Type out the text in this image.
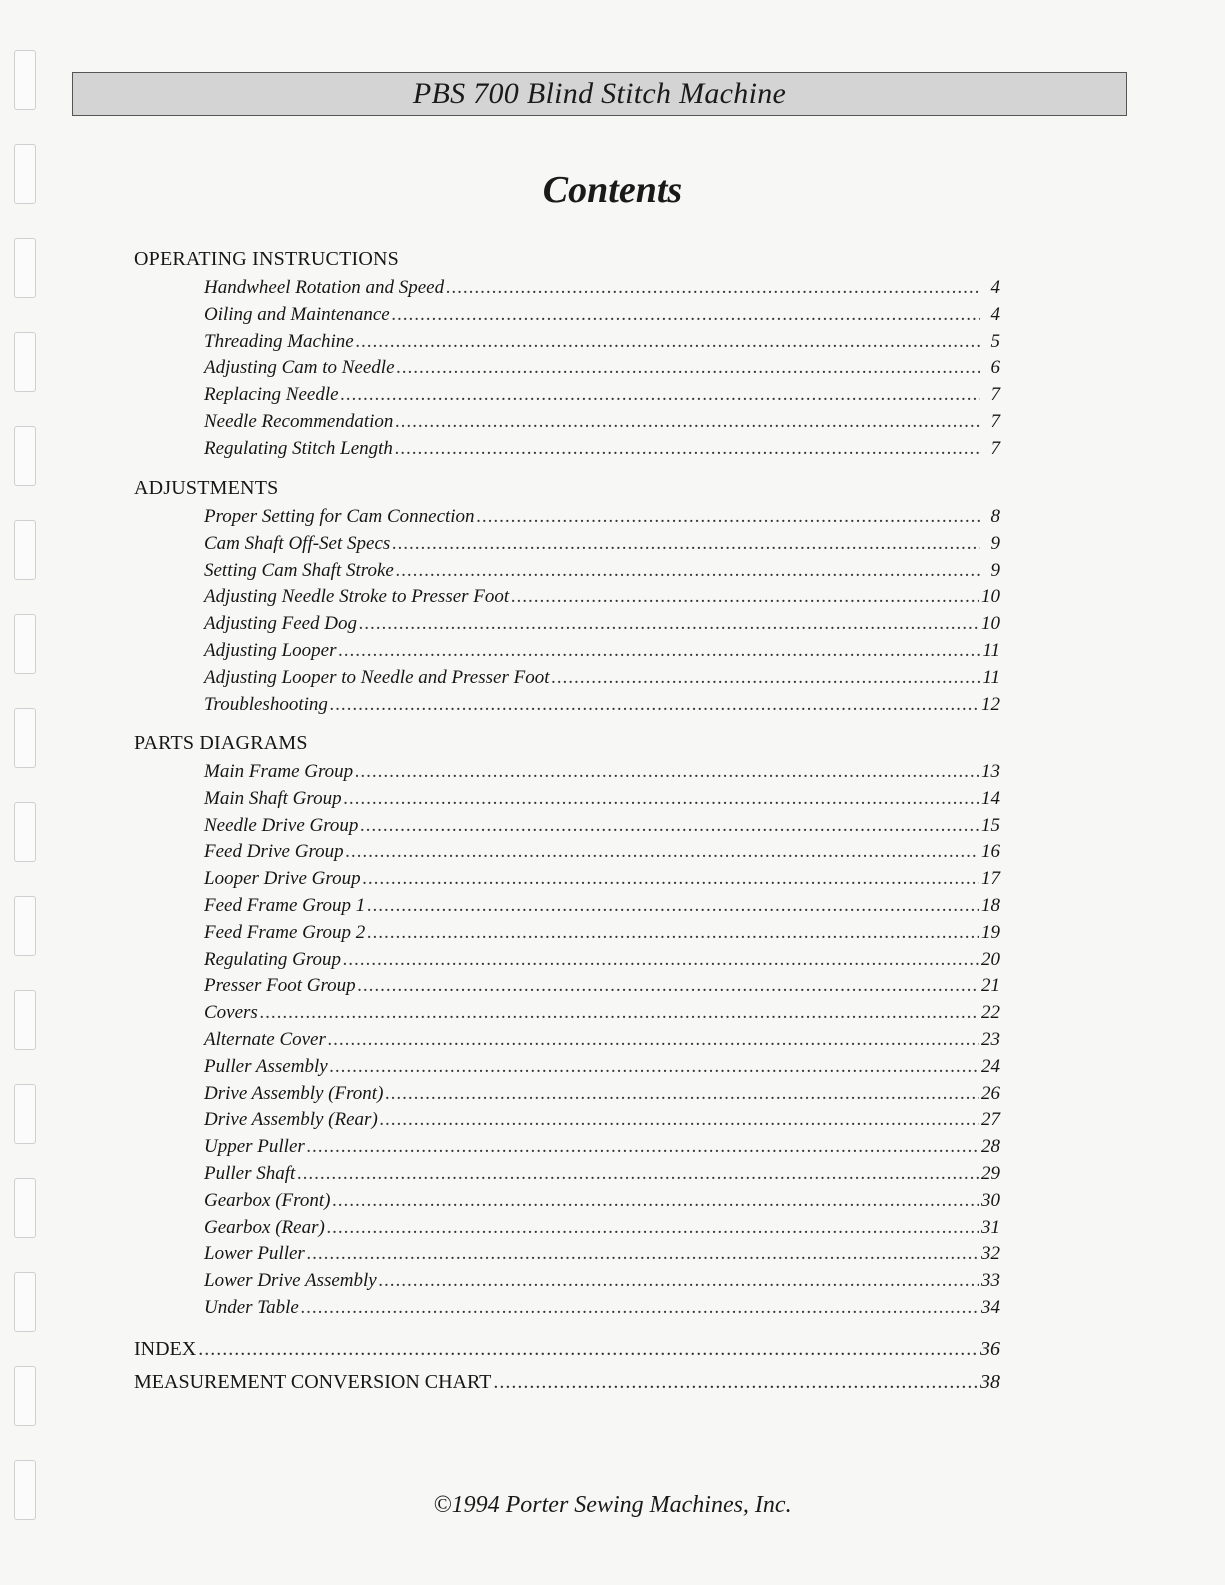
PBS 700 Blind Stitch Machine
Contents
OPERATING INSTRUCTIONS
Handwheel Rotation and Speed .....	4
Oiling and Maintenance .....	4
Threading Machine .....	5
Adjusting Cam to Needle .....	6
Replacing Needle .....	7
Needle Recommendation .....	7
Regulating Stitch Length .....	7
ADJUSTMENTS
Proper Setting for Cam Connection .....	8
Cam Shaft Off-Set Specs .....	9
Setting Cam Shaft Stroke .....	9
Adjusting Needle Stroke to Presser Foot .....	10
Adjusting Feed Dog .....	10
Adjusting Looper .....	11
Adjusting Looper to Needle and Presser Foot .....	11
Troubleshooting .....	12
PARTS DIAGRAMS
Main Frame Group .....	13
Main Shaft Group .....	14
Needle Drive Group .....	15
Feed Drive Group .....	16
Looper Drive Group .....	17
Feed Frame Group 1 .....	18
Feed Frame Group 2 .....	19
Regulating Group .....	20
Presser Foot Group .....	21
Covers .....	22
Alternate Cover .....	23
Puller Assembly .....	24
Drive Assembly (Front) .....	26
Drive Assembly (Rear) .....	27
Upper Puller .....	28
Puller Shaft .....	29
Gearbox (Front) .....	30
Gearbox (Rear) .....	31
Lower Puller .....	32
Lower Drive Assembly .....	33
Under Table .....	34
INDEX .....	36
MEASUREMENT CONVERSION CHART .....	38
©1994 Porter Sewing Machines, Inc.
